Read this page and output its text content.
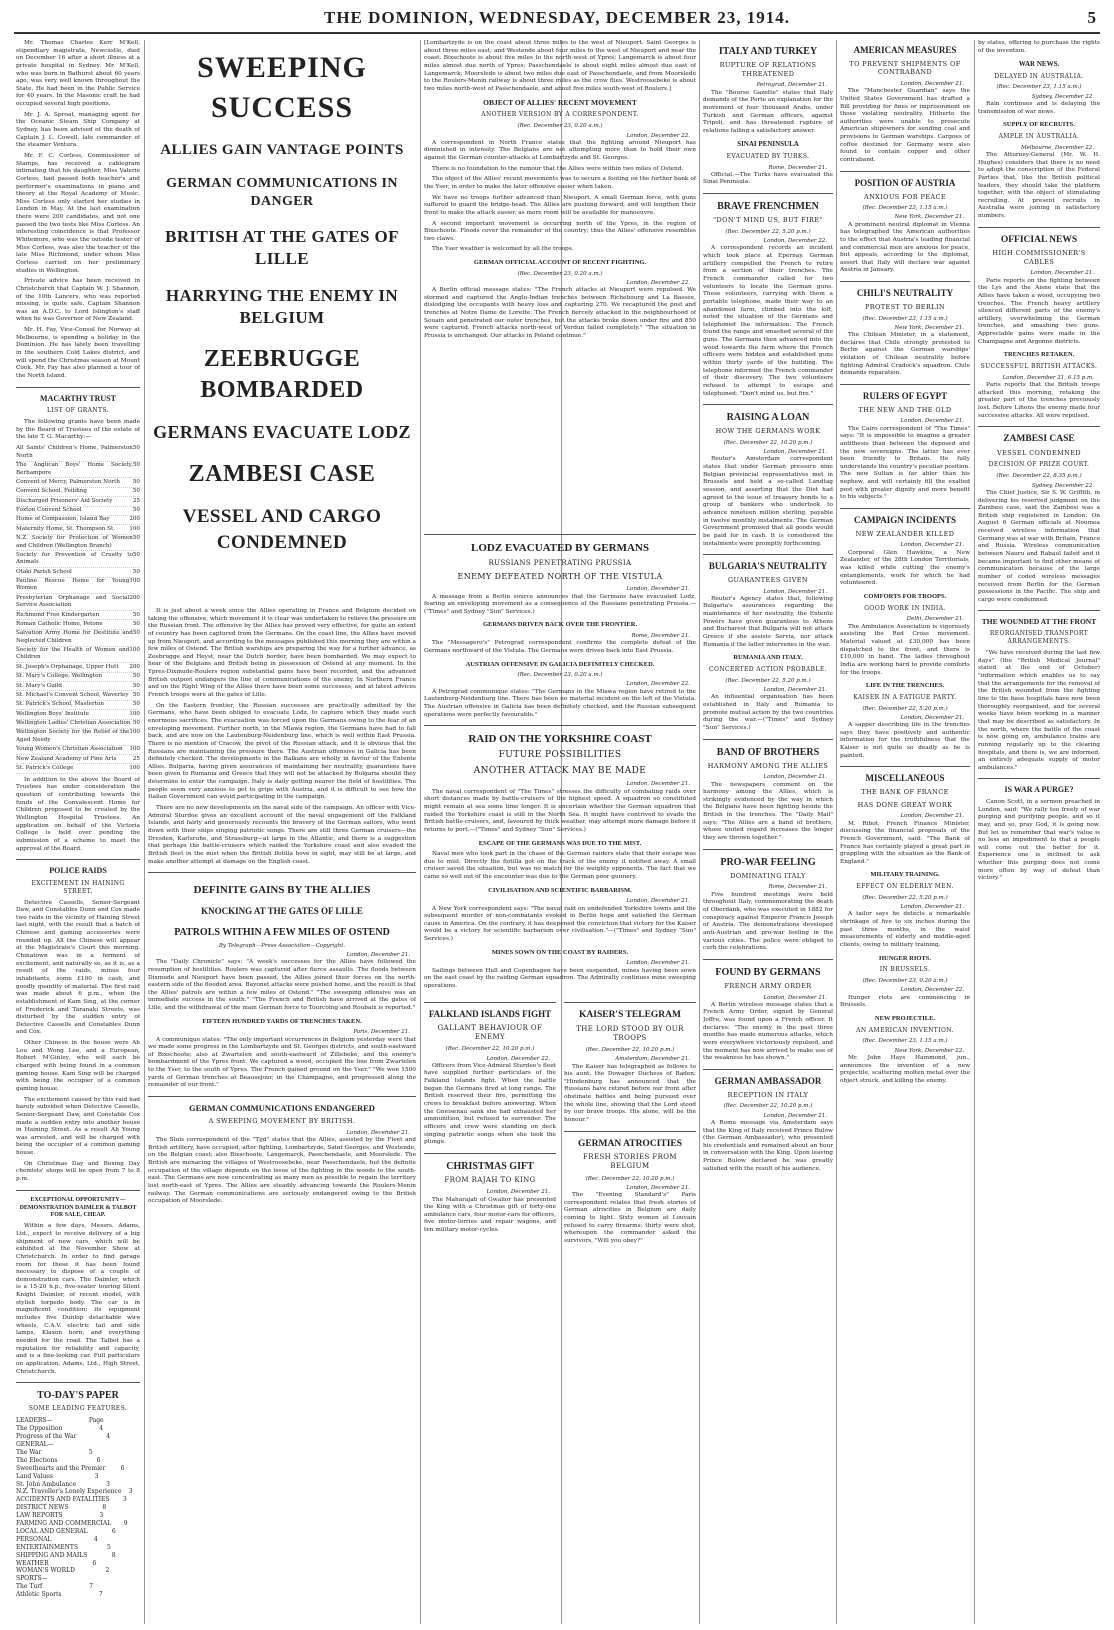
THE DOMINION, WEDNESDAY, DECEMBER 23, 1914.	5

Mr. Thomas Charles Kerr M'Kell, stipendiary magistrate, Newcastle, died on December 16 after a short illness at a private hospital in Sydney. Mr. M'Kell, who was born in Bathurst about 60 years ago, was very well known throughout the State. He had been in the Public Service for 40 years. In the Masonic craft he had occupied several high positions.

Mr. J. A. Sproat, managing agent for the Oceanic Steam Ship Company at Sydney, has been advised of the death of Captain J. L. Cowell, late commander of the steamer Ventura.

Mr. F. C. Corless, Commissioner of Stamps, has received a cablegram intimating that his daughter, Miss Valerie Corless, had passed both teacher's and performer's examinations in piano and theory at the Royal Academy of Music. Miss Corless only started her studies in London in May. At the last examination there were 200 candidates, and not one passed the two tests like Miss Corless. An interesting coincidence is that Professor Whitemore, who was the outside tester of Miss Corless, was also the teacher of the late Miss Richmond, under whom Miss Corless carried on her preliminary studies in Wellington.

Private advice has been received in Christchurch that Captain W. J. Shannon, of the 10th Lancers, who was reported missing, is quite safe. Captain Shannon was an A.D.C. to Lord Islington's staff when he was Governor of New Zealand.

Mr. H. Fay, Vice-Consul for Norway at Melbourne, is spending a holiday in the Dominion. He has lately been travelling in the southern Cold Lakes district, and will spend the Christmas season at Mount Cook. Mr. Fay has also planned a tour of the North Island.

MACARTHY TRUST
LIST OF GRANTS.

The following grants have been made by the Board of Trustees of the estate of the late T. G. Macarthy:—

All Saints' Children's Home, Palmerston North
50
The Anglican Boys' Home Society, Berhampore
50
Convent of Mercy, Palmerston North 50
Convent School, Feilding	50
Discharged Prisoners' Aid Society	25
Foxton Convent School	50
Home of Compassion, Island Bay	200
Maternity Home, St. Thompson St.	100
N.Z. Society for Protection of Women and Children (Wellington Branch)
50
Society for Prevention of Cruelty to Animals
50
Otaki Parish School	50
Pauline Rescue Home for Young Women
100
Presbyterian Orphanage and Social Service Association
200
Richmond Free Kindergarten	50
Roman Catholic Home, Petone	50
Salvation Army Home for Destitute and Neglected Children
50
Society for the Health of Women and Children
100
St. Joseph's Orphanage, Upper Hutt 200
St. Mary's College, Wellington	50
St. Mary's Guild	50
St. Michael's Convent School, Waverley 50
St. Patrick's School, Masterton	50
Wellington Boys' Institute	100
Wellington Ladies' Christian Association 50
Wellington Society for the Relief of the Aged Needy
100
Young Women's Christian Association 100
New Zealand Academy of Fine Arts	25
St. Patrick's College	100

In addition to the above the Board of Trustees has under consideration the question of contributing towards the funds of the Convalescent Home for Children proposed to be created by the Wellington Hospital Trustees. An application on behalf of the Victoria College is held over pending the submission of a scheme to meet the approval of the Board.

POLICE RAIDS
EXCITEMENT IN HAINING STREET.

Detective Cassells, Senior-Sergeant Daw, and Constables Dunn and Cox made two raids in the vicinity of Haining Street last night, with the result that a batch of Chinese and gaming accessories were rounded up. All the Chinese will appear at the Magistrate's Court this morning. Chinatown was in a ferment of excitement, and naturally so, as it is, as a result of the raids, minus four inhabitants, some £100 in cash, and goodly quantity of material. The first raid was made about 6 p.m., when the establishment of Kam Sing, at the corner of Frederick and Taranaki Streets, was disturbed by the sudden entry of Detective Cassells and Constables Dunn and Cox.

Other Chinese in the house were Ah Lou and Wong Lee, and a European, Robert M'Ginley, who will each be charged with being found in a common gaming house. Kam Sing will be charged with being the occupier of a common gaming house.

The excitement caused by this raid had barely subsided when Detective Cassells, Senior-Sergeant Daw, and Constable Cox made a sudden entry into another house in Haining Street. As a result Ah Young was arrested, and will be charged with being the occupier of a common gaming house.

On Christmas Day and Boxing Day chemists' shops will be open from 7 to 8 p.m.

EXCEPTIONAL OPPORTUNITY—DEMONSTRATION DAIMLER & TALBOT FOR SALE, CHEAP.

Within a few days, Messrs. Adams, Ltd., expect to receive delivery of a big shipment of new cars, which will be exhibited at the November Show at Christchurch. In order to find garage room for these it has been found necessary to dispose of a couple of demonstration cars. The Daimler, which is a 15-20 h.p., five-seater touring Silent Knight Daimler, of recent model, with stylish torpedo body. The car is in magnificent condition; its equipment includes five Dunlop detachable wire wheels, C.A.V. electric tail and side lamps, Klaxon horn, and everything needed for the road. The Talbot has a reputation for reliability and capacity, and is a fine-looking car. Full particulars on application, Adams, Ltd., High Street, Christchurch.

TO-DAY'S PAPER
SOME LEADING FEATURES.
LEADERS—	Page
The Opposition	4
Progress of the War	4
GENERAL—
The War	5
The Elections	6
Sweethearts and the Premier	6
Land Values	3
St. John Ambulance	3
N.Z. Traveller's Lonely Experience 3
ACCIDENTS AND FATALITIES 3
DISTRICT NEWS	8
LAW REPORTS	3
FARMING AND COMMERCIAL 9
LOCAL AND GENERAL	6
PERSONAL	4
ENTERTAINMENTS	5
SHIPPING AND MAILS	8
WEATHER	6
WOMAN'S WORLD	2
SPORTS—
The Turf	7
Athletic Sports	7
SWEEPING SUCCESS
ALLIES GAIN VANTAGE POINTS
GERMAN COMMUNICATIONS IN DANGER
BRITISH AT THE GATES OF LILLE
HARRYING THE ENEMY IN BELGIUM
ZEEBRUGGE BOMBARDED
GERMANS EVACUATE LODZ
ZAMBESI CASE
VESSEL AND CARGO CONDEMNED

It is just about a week since the Allies operating in France and Belgium decided on taking the offensive, which movement it is clear was undertaken to relieve the pressure on the Russian front. The offensive by the Allies has proved very effective, for quite an extent of country has been captured from the Germans. On the coast line, the Allies have moved up from Nieuport, and according to the messages published this morning they are within a few miles of Ostend. The British warships are preparing the way for a further advance, as Zeebrugge and Heyst, near the Dutch border, have been bombarded. We may expect to hear of the Belgians and British being in possession of Ostend at any moment. In the Ypres-Dixmude-Roulers region substantial gains have been recorded, and the advanced British outpost endangers the line of communications of the enemy. In Northern France and on the Right Wing of the Allies there have been some successes, and at latest advices French troops were at the gates of Lille.

On the Eastern frontier, the Russian successes are practically admitted by the Germans, who have been obliged to evacuate Lodz, to capture which they made such enormous sacrifices. The evacuation was forced upon the Germans owing to the fear of an enveloping movement. Further north, in the Mlawa region, the Germans have had to fall back, and are now on the Lautenburg-Neidenburg line, which is well within East Prussia. There is no mention of Cracow, the pivot of the Russian attack, and it is obvious that the Russians are maintaining the pressure there. The Austrian offensive in Galicia has been definitely checked. The developments in the Balkans are wholly in favour of the Entente Allies. Bulgaria, having given assurances of maintaining her neutrality, guarantees have been given to Rumania and Greece that they will not be attacked by Bulgaria should they determine to enter the campaign. Italy is daily getting nearer the field of hostilities. The people seem very anxious to get to grips with Austria, and it is difficult to see how the Italian Government can avoid participating in the campaign.

There are no new developments on the naval side of the campaign. An officer with Vice-Admiral Sturdee gives an excellent account of the naval engagement off the Falkland Islands, and fairly and generously recounts the bravery of the German sailors, who went down with their ships singing patriotic songs. There are still three German cruisers—the Dresden, Karlsruhe, and Strassburg—at large in the Atlantic, and there is a suggestion that perhaps the battle-cruisers which raided the Yorkshire coast and also evaded the British fleet in the mist when the British flotilla hove in sight, may still be at large, and make another attempt at damage on the English coast.

DEFINITE GAINS BY THE ALLIES
KNOCKING AT THE GATES OF LILLE
PATROLS WITHIN A FEW MILES OF OSTEND
By Telegraph—Press Association—Copyright.
London, December 21.

The "Daily Chronicle" says: "A week's successes for the Allies have followed the resumption of hostilities. Roulers was captured after fierce assaults. The floods between Dixmude and Nieuport have been passed, the Allies joined their forces on the north-eastern side of the flooded area. Bayonet attacks were pushed home, and the result is that the Allies' patrols are within a few miles of Ostend." "The sweeping offensive was an immediate success in the south." "The French and British have arrived at the gates of Lille, and the withdrawal of the main German force to Tourcoing and Roubaix is reported."

FIFTEEN HUNDRED YARDS OF TRENCHES TAKEN.
Paris, December 21.

A communique states: "The only important occurrences in Belgium yesterday were that we made some progress in the Lombartzyde and St. Georges districts, and south-eastward of Bixschoote; also at Zwartelen and south-eastward of Zillebeke, and the enemy's bombardment of the Ypres front. We captured a wood, occupied the line from Zwartelen to the Yser, to the south of Ypres. The French gained ground on the Yser." "We won 1500 yards of German trenches at Beausejour, in the Champagne, and progressed along the remainder of our front."

GERMAN COMMUNICATIONS ENDANGERED
A SWEEPING MOVEMENT BY BRITISH.
London, December 21.

The Sluis correspondent of the "Tijd" states that the Allies, assisted by the Fleet and British artillery, have occupied, after fighting, Lombartzyde, Saint Georges, and Westende, on the Belgian coast; also Bixschoote, Langemarck, Passchendaele, and Moorslede. The British are menacing the villages of Westroosebeke, near Passchendaele, but the definite occupation of the village depends on the issue of the fighting in the woods to the south-east. The Germans are now concentrating as many men as possible to regain the territory lost north-east of Ypres. The Allies are steadily advancing towards the Roulers-Menin railway. The German communications are seriously endangered owing to the British occupation of Moorslede.

[Lombartzyde is on the coast about three miles to the west of Nieuport. Saint Georges is about three miles east; and Westende about four miles to the west of Nieuport and near the coast. Bixschoote is about five miles to the north-west of Ypres; Langemarck is about four miles almost due north of Ypres; Passchendaele is about eight miles almost due east of Langemarck; Moorslede is about two miles due east of Passchendaele, and from Moorslede to the Roulers-Menin railway is about three miles as the crow flies. Westroosebeke is about two miles north-west of Passchendaele, and about five miles south-west of Roulers.]

OBJECT OF ALLIES' RECENT MOVEMENT
ANOTHER VERSION BY A CORRESPONDENT.
(Rec. December 23, 0.20 a.m.)
London, December 22.

A correspondent in North France states that the fighting around Nieuport has diminished in intensity. The Belgians are not attempting more than to hold their own against the German counter-attacks at Lombartzyde and St. Georges.

There is no foundation to the rumour that the Allies were within two miles of Ostend.

The object of the Allies' recent movements was to secure a footing on the further bank of the Yser, in order to make the later offensive easier when taken.

We have no troops further advanced than Nieuport. A small German force, with guns suffered to guard the bridge-head. The Allies are pushing forward, and will lengthen their front to make the attack easier, as more room will be available for manoeuvre.

A second important movement is occurring north of the Ypres, in the region of Bixschoote. Floods cover the remainder of the country; thus the Allies' offensive resembles two claws.

The Yser weather is welcomed by all the troops.

GERMAN OFFICIAL ACCOUNT OF RECENT FIGHTING.
(Rec. December 23, 0.20 a.m.)
London, December 22.

A Berlin official message states: "The French attacks at Nieuport were repulsed. We stormed and captured the Anglo-Indian trenches between Richebourg and La Bassee, dislodging the occupants with heavy loss and capturing 270. We recaptured the post and trenches at Notre Dame de Lorette. The French fiercely attacked in the neighbourhood of Souain and penetrated our outer trenches, but the attacks broke down under fire and 850 were captured. French attacks north-west of Verdun failed completely." "The situation in Prussia is unchanged. Our attacks in Poland continue."

LODZ EVACUATED BY GERMANS
RUSSIANS PENETRATING PRUSSIA
ENEMY DEFEATED NORTH OF THE VISTULA
London, December 21.

A message from a Berlin source announces that the Germans have evacuated Lodz, fearing an enveloping movement as a consequence of the Russians penetrating Prussia.—("Times" and Sydney "Sun" Services.)

GERMANS DRIVEN BACK OVER THE FRONTIER.
Rome, December 21.

The "Messagero's" Petrograd correspondent confirms the complete defeat of the Germans northward of the Vistula. The Germans were driven back into East Prussia.

AUSTRIAN OFFENSIVE IN GALICIA DEFINITELY CHECKED.
(Rec. December 23, 0.20 a.m.)
London, December 22.

A Petrograd communique states: "The Germans in the Mlawa region have retired to the Lautenburg-Neidenburg line. There has been no material incident on the left of the Vistula. The Austrian offensive in Galicia has been definitely checked, and the Russian subsequent operations were perfectly favourable."

RAID ON THE YORKSHIRE COAST
FUTURE POSSIBILITIES
ANOTHER ATTACK MAY BE MADE
London, December 21.

The naval correspondent of "The Times" stresses the difficulty of combating raids over short distances made by battle-cruisers of the highest speed. A squadron so constituted might remain at sea some time longer. It is uncertain whether the German squadron that raided the Yorkshire coast is still in the North Sea. It might have contrived to evade the British battle-cruisers, and, favoured by thick weather, may attempt more damage before it returns to port.—("Times" and Sydney "Sun" Services.)

ESCAPE OF THE GERMANS WAS DUE TO THE MIST.

Naval men who took part in the chase of the German raiders state that their escape was due to mist. Directly the flotilla got on the track of the enemy it notified away. A small cruiser saved the situation, but was no match for the weighty opponents. The fact that we came so well out of the encounter was due to the German poor gunnery.

CIVILISATION AND SCIENTIFIC BARBARISM.
London, December 21.

A New York correspondent says: "The naval raid on undefended Yorkshire towns and the subsequent murder of non-combatants evoked in Berlin hope and satisfied the German cause in America. On the contrary, it has deepened the conviction that victory for the Kaiser would be a victory for scientific barbarism over civilisation."—("Times" and Sydney "Sun" Services.)

MINES SOWN ON THE COAST BY RAIDERS.
London, December 21.

Sailings between Hull and Copenhagen have been suspended, mines having been sown on the east coast by the raiding German squadron. The Admiralty continues mine sweeping operations.

FALKLAND ISLANDS FIGHT
GALLANT BEHAVIOUR OF ENEMY
(Rec. December 22, 10.20 p.m.)
London, December 22.

Officers from Vice-Admiral Sturdee's fleet have supplied further particulars of the Falkland Islands fight. When the battle began the Germans fired at long range. The British reserved their fire, permitting the crews to breakfast before answering. When the Gneisenau sank she had exhausted her ammunition, but refused to surrender. The officers and crew were standing on deck singing patriotic songs when she took the plunge.

CHRISTMAS GIFT
FROM RAJAH TO KING
London, December 21.

The Maharajah of Gwalior has presented the King with a Christmas gift of forty-one ambulance cars, four motor-cars for officers, five motor-lorries and repair wagons, and ten military motor-cycles.

KAISER'S TELEGRAM
THE LORD STOOD BY OUR TROOPS
(Rec. December 22, 10.20 p.m.)
Amsterdam, December 21.

The Kaiser has telegraphed as follows to his aunt, the Dowager Duchess of Baden: "Hindenburg has announced that the Russians have retired before our front after obstinate battles and being pursued over the whole line, showing that the Lord stood by our brave troops. His alone, will be the honour."

GERMAN ATROCITIES
FRESH STORIES FROM BELGIUM
(Rec. December 22, 10.20 p.m.)
London, December 21.

The "Evening Standard's" Paris correspondent relates that fresh stories of German atrocities in Belgium are daily coming to light. Sixty women at Louvain refused to carry firearms; thirty were shot, whereupon the commander asked the survivors, "Will you obey?"

ITALY AND TURKEY
RUPTURE OF RELATIONS THREATENED
Petrograd, December 21.

The "Bourse Gazette" states that Italy demands of the Porte an explanation for the movement of four thousand Arabs, under Turkish and German officers, against Tripoli, and has threatened rupture of relations failing a satisfactory answer.

SINAI PENINSULA
EVACUATED BY TURKS.
Rome, December 21.

Official.—The Turks have evacuated the Sinai Peninsula.

BRAVE FRENCHMEN
"DON'T MIND US, BUT FIRE"
(Rec. December 22, 5.20 p.m.)
London, December 22.

A correspondent records an incident which took place at Epernay. German artillery compelled the French to retire from a section of their trenches. The French commander called for two volunteers to locate the German guns. These volunteers, carrying with them a portable telephone, made their way to an abandoned farm, climbed into the loft, noted the situation of the Germans and telephoned the information. The French found the range and smashed several of the guns. The Germans then advanced into the wood towards the farm where the French officers were hidden and established guns within thirty yards of the building. The telephone informed the French commander of their discovery. The two volunteers refused to attempt to escape and telephoned: "Don't mind us, but fire."

RAISING A LOAN
HOW THE GERMANS WORK
(Rec. December 22, 10.20 p.m.)
London, December 21.

Reuter's Amsterdam correspondent states that under German pressure nine Belgian provincial representatives met in Brussels and held a so-called Landtag session, and asserting that the Diet had agreed to the issue of treasury bonds to a group of bankers who undertook to advance nineteen million sterling, payable in twelve monthly instalments. The German Government promised that all goods would be paid for in cash. It is considered the instalments were promptly forthcoming.

BULGARIA'S NEUTRALITY
GUARANTEES GIVEN
London, December 21.

Reuter's Agency states that, following Bulgaria's assurances regarding the maintenance of her neutrality, the Entente Powers have given guarantees to Athens and Bucharest that Bulgaria will not attack Greece if she assists Servia, nor attack Rumania if the latter intervenes in the war.

RUMANIA AND ITALY.
CONCERTED ACTION PROBABLE.
(Rec. December 22, 5.20 p.m.)
London, December 21.

An influential organisation has been established in Italy and Rumania to promote mutual action by the two countries during the war.—("Times" and Sydney "Sun" Services.)

BAND OF BROTHERS
HARMONY AMONG THE ALLIES
London, December 21.

The newspapers comment on the harmony among the Allies, which is strikingly evidenced by the way in which the Belgians have been fighting beside the British in the trenches. The "Daily Mail" says: "The Allies are a band of brothers, whose united regard increases the longer they are thrown together."

PRO-WAR FEELING
DOMINATING ITALY
Rome, December 21.

Five hundred meetings were held throughout Italy, commemorating the death of Oberdank, who was executed in 1882 for conspiracy against Emperor Francis Joseph of Austria. The demonstrations developed anti-Austrian and pro-war feeling in the various cities. The police were obliged to curb the celebrations.

FOUND BY GERMANS
FRENCH ARMY ORDER
London, December 21.

A Berlin wireless message states that a French Army Order, signed by General Joffre, was found upon a French officer. It declares: "The enemy in the past three months has made numerous attacks, which were everywhere victoriously repulsed, and the moment has now arrived to make use of the weakness he has shown."

GERMAN AMBASSADOR
RECEPTION IN ITALY
(Rec. December 22, 10.20 p.m.)
London, December 21.

A Rome message via Amsterdam says that the King of Italy received Prince Bulow (the German Ambassador), who presented his credentials and remained about an hour in conversation with the King. Upon leaving Prince Bulow declared he was greatly satisfied with the result of his audience.

AMERICAN MEASURES
TO PREVENT SHIPMENTS OF CONTRABAND
London, December 21.

The "Manchester Guardian" says the United States Government has drafted a Bill providing for fines or imprisonment on those violating neutrality. Hitherto the authorities were unable to prosecute American shipowners for sending coal and provisions to German warships. Cargoes of coffee destined for Germany were also found to contain copper and other contraband.

POSITION OF AUSTRIA
ANXIOUS FOR PEACE
(Rec. December 23, 1.15 a.m.)
New York, December 21.

A prominent neutral diplomat in Vienna has telegraphed the American authorities to the effect that Austria's leading financial and commercial men are anxious for peace, but appeals, according to the diplomat, assert that Italy will declare war against Austria in January.

CHILI'S NEUTRALITY
PROTEST TO BERLIN
(Rec. December 23, 1.15 a.m.)
New York, December 21.

The Chilean Minister, in a statement, declares that Chile strongly protested to Berlin against the German warships' violation of Chilean neutrality before fighting Admiral Cradock's squadron. Chile demands reparation.

RULERS OF EGYPT
THE NEW AND THE OLD
London, December 21.

The Cairo correspondent of "The Times" says: "It is impossible to imagine a greater antithesis than between the deposed and the new sovereigns. The latter has ever been friendly to Britain. He fully understands the country's peculiar position. The new Sultan is far abler than his nephew, and will certainly fill the exalted post with greater dignity and more benefit to his subjects."

CAMPAIGN INCIDENTS
NEW ZEALANDER KILLED
London, December 21.

Corporal Glen Hawkins, a New Zealander, of the 28th London Territorials, was killed while cutting the enemy's entanglements, work for which he had volunteered.

COMFORTS FOR TROOPS.
GOOD WORK IN INDIA.
Delhi, December 21.

The Ambulance Association is vigorously assisting the Red Cross movement. Material valued at £30,000 has been dispatched to the front, and there is £10,000 in hand. The ladies throughout India are working hard to provide comforts for the troops.

LIFE IN THE TRENCHES.
KAISER IN A FATIGUE PARTY.
(Rec. December 22, 5.20 p.m.)
London, December 21.

A sapper describing life in the trenches says they have positively and authentic information for the truthfulness that the Kaiser is not quite so deadly as he is painted.

MISCELLANEOUS
THE BANK OF FRANCE
HAS DONE GREAT WORK
London, December 21.

M. Ribot, French Finance Minister, discussing the financial proposals of the French Government, said: "The Bank of France has certainly played a great part in grappling with the situation as the Bank of England."

MILITARY TRAINING.
EFFECT ON ELDERLY MEN.
(Rec. December 22, 5.20 p.m.)
London, December 21.

A tailor says he detects a remarkable shrinkage of five to six inches during the past three months, in the waist measurements of elderly and middle-aged clients, owing to military training.

HUNGER RIOTS.
IN BRUSSELS.
(Rec. December 23, 0.20 a.m.)
London, December 22.

Hunger riots are commencing in Brussels.

NEW PROJECTILE.
AN AMERICAN INVENTION.
(Rec. December 23, 1.15 a.m.)
New York, December 22.

Mr. John Hays Hammond, jun., announces the invention of a new projectile, scattering molten metal over the object struck, and killing the enemy.

by states, offering to purchase the rights of the invention.

WAR NEWS.
DELAYED IN AUSTRALIA.
(Rec. December 23, 1.15 a.m.)
Sydney, December 22.

Rain continues and is delaying the transmission of war news.

SUPPLY OF RECRUITS.
AMPLE IN AUSTRALIA.
Melbourne, December 22.

The Attorney-General (Mr. W. H. Hughes) considers that there is no need to adopt the conscription of the Federal Parties that, like the British political leaders, they should take the platform together, with the object of stimulating recruiting. At present recruits in Australia were joining in satisfactory numbers.

OFFICIAL NEWS
HIGH COMMISSIONER'S CABLES
London, December 21.

Paris reports on the fighting between the Lys and the Aisne state that the Allies have taken a wood, occupying two trenches. The French heavy artillery silenced different parts of the enemy's artillery, overwhelming the German trenches, and smashing two guns. Appreciable gains were made in the Champagne and Argonne districts.

TRENCHES RETAKEN.
SUCCESSFUL BRITISH ATTACKS.
London, December 21, 6.15 p.m.

Paris reports that the British troops attacked this morning, retaking the greater part of the trenches previously lost. Before Lihons the enemy made four successive attacks. All were repulsed.

ZAMBESI CASE
VESSEL CONDEMNED
DECISION OF PRIZE COURT.
(Rec. December 22, 8.35 p.m.)
Sydney, December 22.

The Chief Justice, Sir S. W. Griffith, in delivering his reserved judgment on the Zambesi case, said the Zambesi was a British ship registered in London. On August 6 German officials at Noumea received wireless information that Germany was at war with Britain, France and Russia. Wireless communication between Nauru and Rabaul failed and it became important to find other means of communication because of the large number of coded wireless messages received from Berlin for the German possessions in the Pacific. The ship and cargo were condemned.

THE WOUNDED AT THE FRONT
REORGANISED TRANSPORT ARRANGEMENTS.

"We have received during the last few days" (the "British Medical Journal" stated at the end of October) "information which enables us to say that the arrangements for the removal of the British wounded from the fighting line to the base hospitals have now been thoroughly reorganised, and for several weeks have been working in a manner that may be described as satisfactory. In the north, where the battle of the coast is now going on, ambulance trains are running regularly up to the clearing hospitals, and there is, we are informed, an entirely adequate supply of motor ambulances."

IS WAR A PURGE?

Canon Scott, in a sermon preached in London, said: "We rally too freely of war purging and purifying people, and so it may, and so, pray God, it is going now. But let us remember that war's value is no less an impediment to that a people will come out the better for it. Experience one is inclined to ask whether this purging does not come more often by way of defeat than victory."
